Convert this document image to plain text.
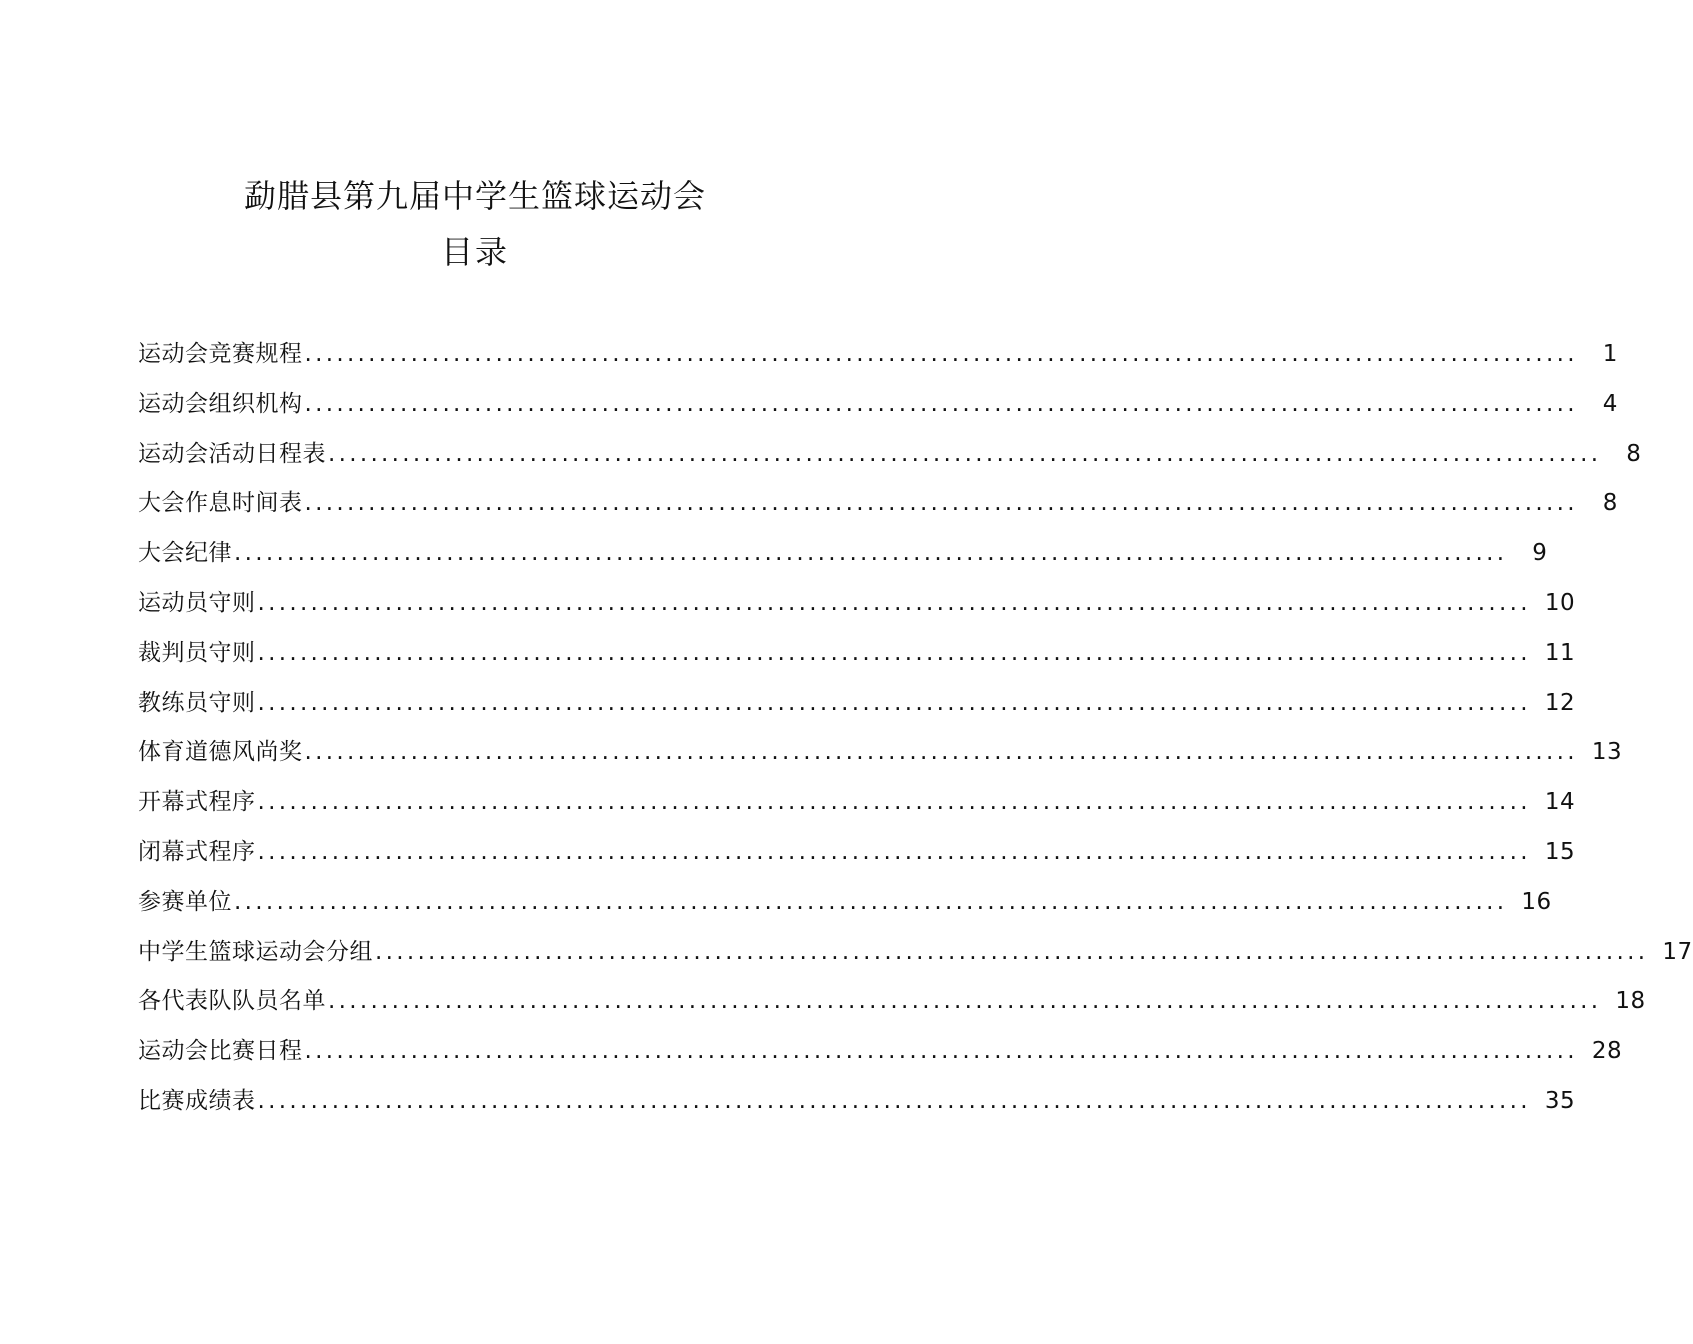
勐腊县第九届中学生篮球运动会
目录
运动会竞赛规程 ........................................................................................................................	1
运动会组织机构 ........................................................................................................................	4
运动会活动日程表 ........................................................................................................................	8
大会作息时间表 ........................................................................................................................	8
大会纪律 ........................................................................................................................	9
运动员守则 ........................................................................................................................ 10
裁判员守则 ........................................................................................................................ 11
教练员守则 ........................................................................................................................ 12
体育道德风尚奖 ........................................................................................................................ 13
开幕式程序 ........................................................................................................................ 14
闭幕式程序 ........................................................................................................................ 15
参赛单位 ........................................................................................................................ 16
中学生篮球运动会分组 ........................................................................................................................ 17
各代表队队员名单 ........................................................................................................................ 18
运动会比赛日程 ........................................................................................................................ 28
比赛成绩表 ........................................................................................................................ 35
